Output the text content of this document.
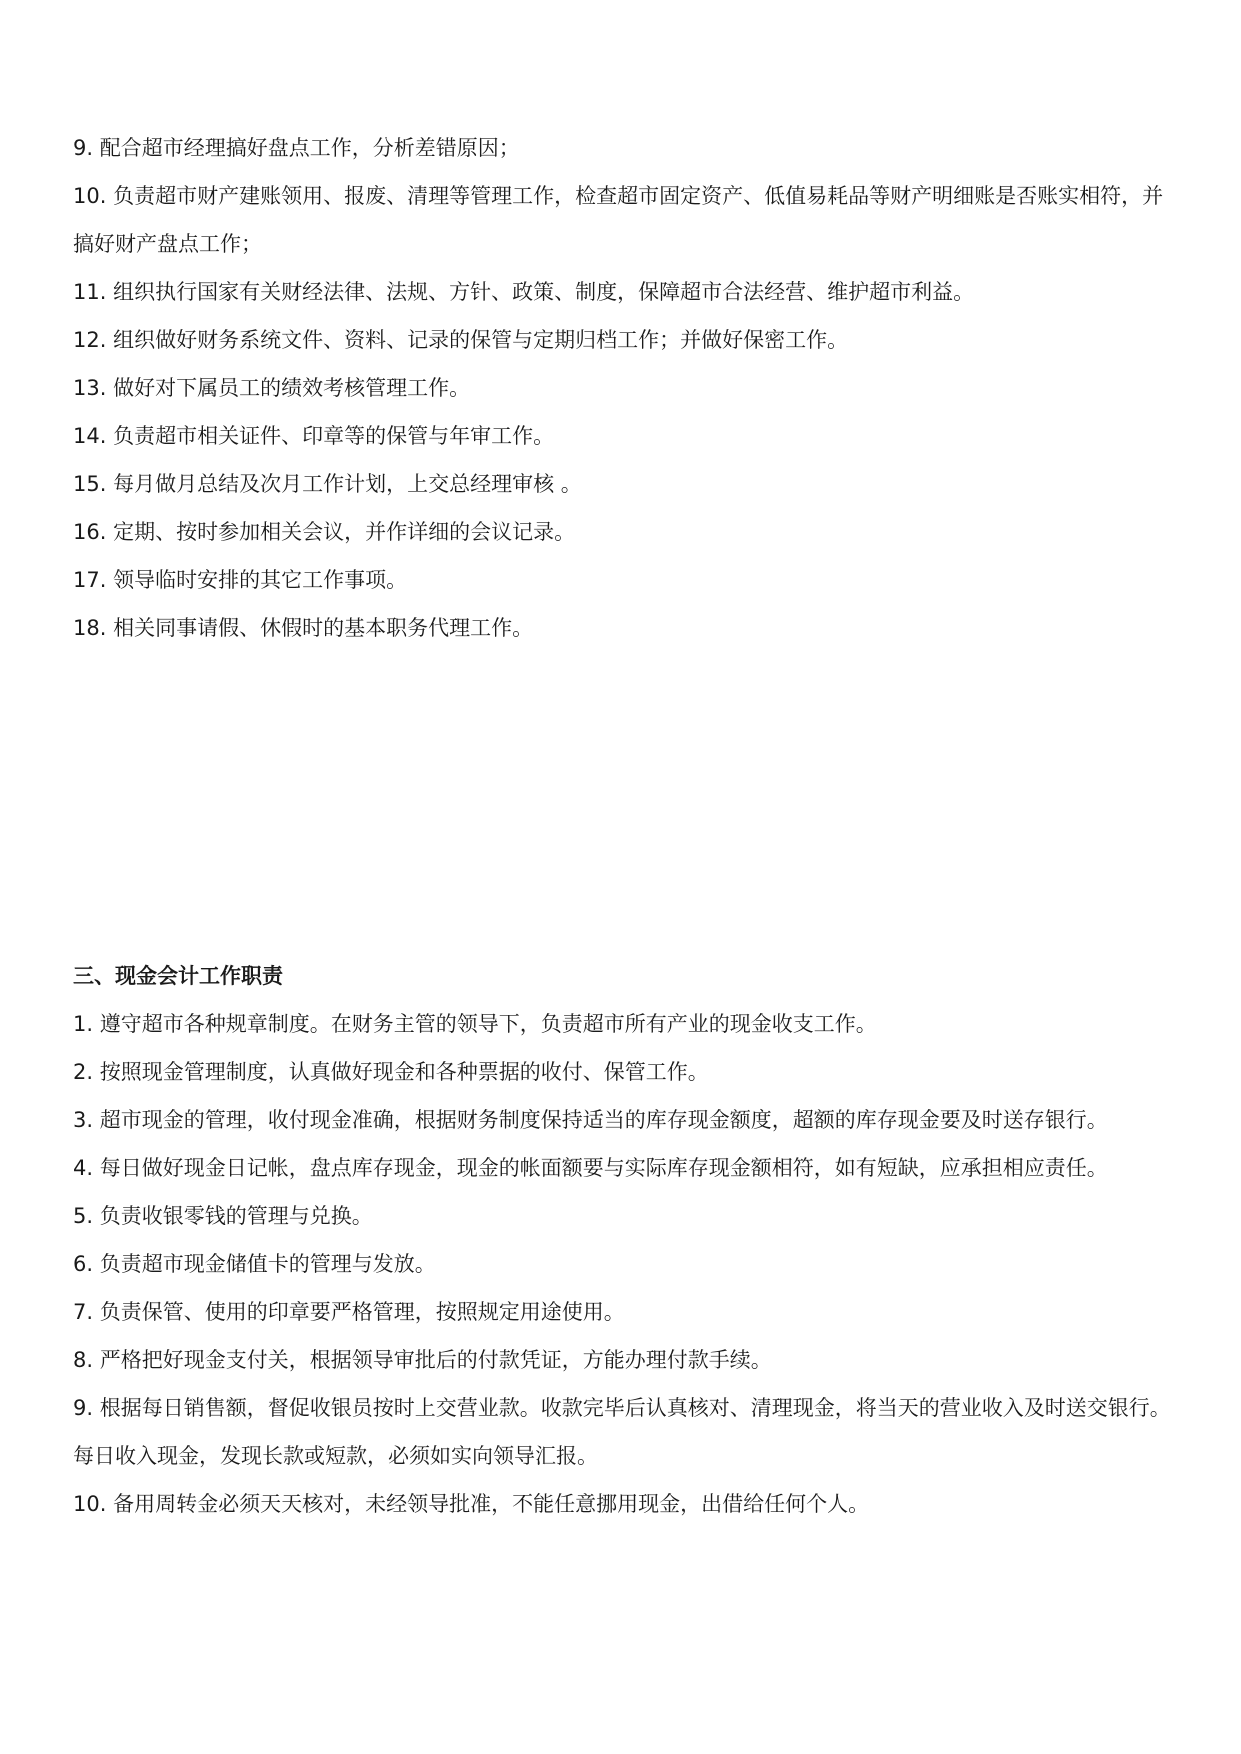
9. 配合超市经理搞好盘点工作，分析差错原因；

10. 负责超市财产建账领用、报废、清理等管理工作，检查超市固定资产、低值易耗品等财产明细账是否账实相符，并搞好财产盘点工作；

11. 组织执行国家有关财经法律、法规、方针、政策、制度，保障超市合法经营、维护超市利益。

12. 组织做好财务系统文件、资料、记录的保管与定期归档工作；并做好保密工作。

13. 做好对下属员工的绩效考核管理工作。

14. 负责超市相关证件、印章等的保管与年审工作。

15. 每月做月总结及次月工作计划，上交总经理审核 。

16. 定期、按时参加相关会议，并作详细的会议记录。

17. 领导临时安排的其它工作事项。

18. 相关同事请假、休假时的基本职务代理工作。

三、现金会计工作职责

1. 遵守超市各种规章制度。在财务主管的领导下，负责超市所有产业的现金收支工作。

2. 按照现金管理制度，认真做好现金和各种票据的收付、保管工作。

3. 超市现金的管理，收付现金准确，根据财务制度保持适当的库存现金额度，超额的库存现金要及时送存银行。

4. 每日做好现金日记帐，盘点库存现金，现金的帐面额要与实际库存现金额相符，如有短缺，应承担相应责任。

5. 负责收银零钱的管理与兑换。

6. 负责超市现金储值卡的管理与发放。

7. 负责保管、使用的印章要严格管理，按照规定用途使用。

8. 严格把好现金支付关，根据领导审批后的付款凭证，方能办理付款手续。

9. 根据每日销售额，督促收银员按时上交营业款。收款完毕后认真核对、清理现金，将当天的营业收入及时送交银行。每日收入现金，发现长款或短款，必须如实向领导汇报。

10. 备用周转金必须天天核对，未经领导批准，不能任意挪用现金，出借给任何个人。
